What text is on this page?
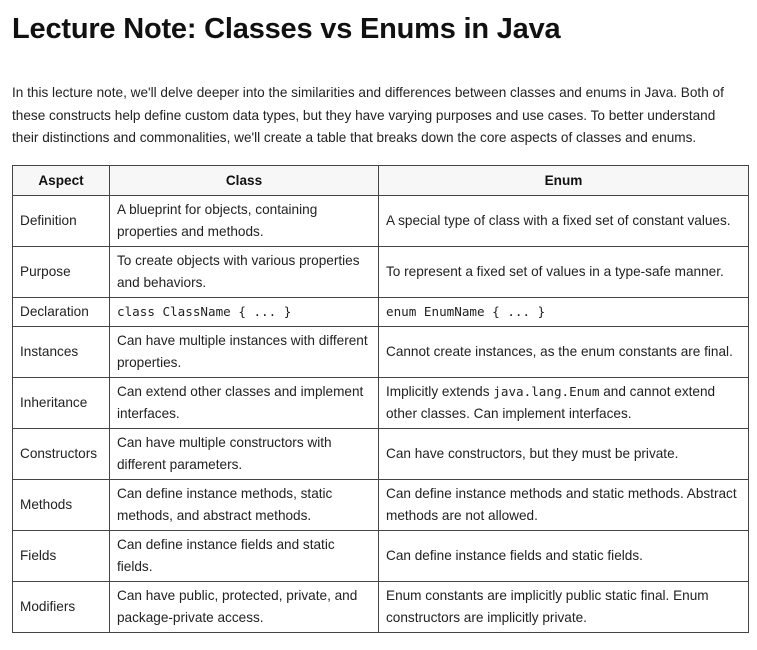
Lecture Note: Classes vs Enums in Java

In this lecture note, we'll delve deeper into the similarities and differences between classes and enums in Java. Both of these constructs help define custom data types, but they have varying purposes and use cases. To better understand their distinctions and commonalities, we'll create a table that breaks down the core aspects of classes and enums.

Aspect	Class	Enum
Definition	A blueprint for objects, containing properties and methods.	A special type of class with a fixed set of constant values.
Purpose	To create objects with various properties and behaviors.	To represent a fixed set of values in a type-safe manner.
Declaration	class ClassName { ... }	enum EnumName { ... }
Instances	Can have multiple instances with different properties.	Cannot create instances, as the enum constants are final.
Inheritance	Can extend other classes and implement interfaces.	Implicitly extends java.lang.Enum and cannot extend other classes. Can implement interfaces.
Constructors	Can have multiple constructors with different parameters.	Can have constructors, but they must be private.
Methods	Can define instance methods, static methods, and abstract methods.	Can define instance methods and static methods. Abstract methods are not allowed.
Fields	Can define instance fields and static fields.	Can define instance fields and static fields.
Modifiers	Can have public, protected, private, and package-private access.	Enum constants are implicitly public static final. Enum constructors are implicitly private.
